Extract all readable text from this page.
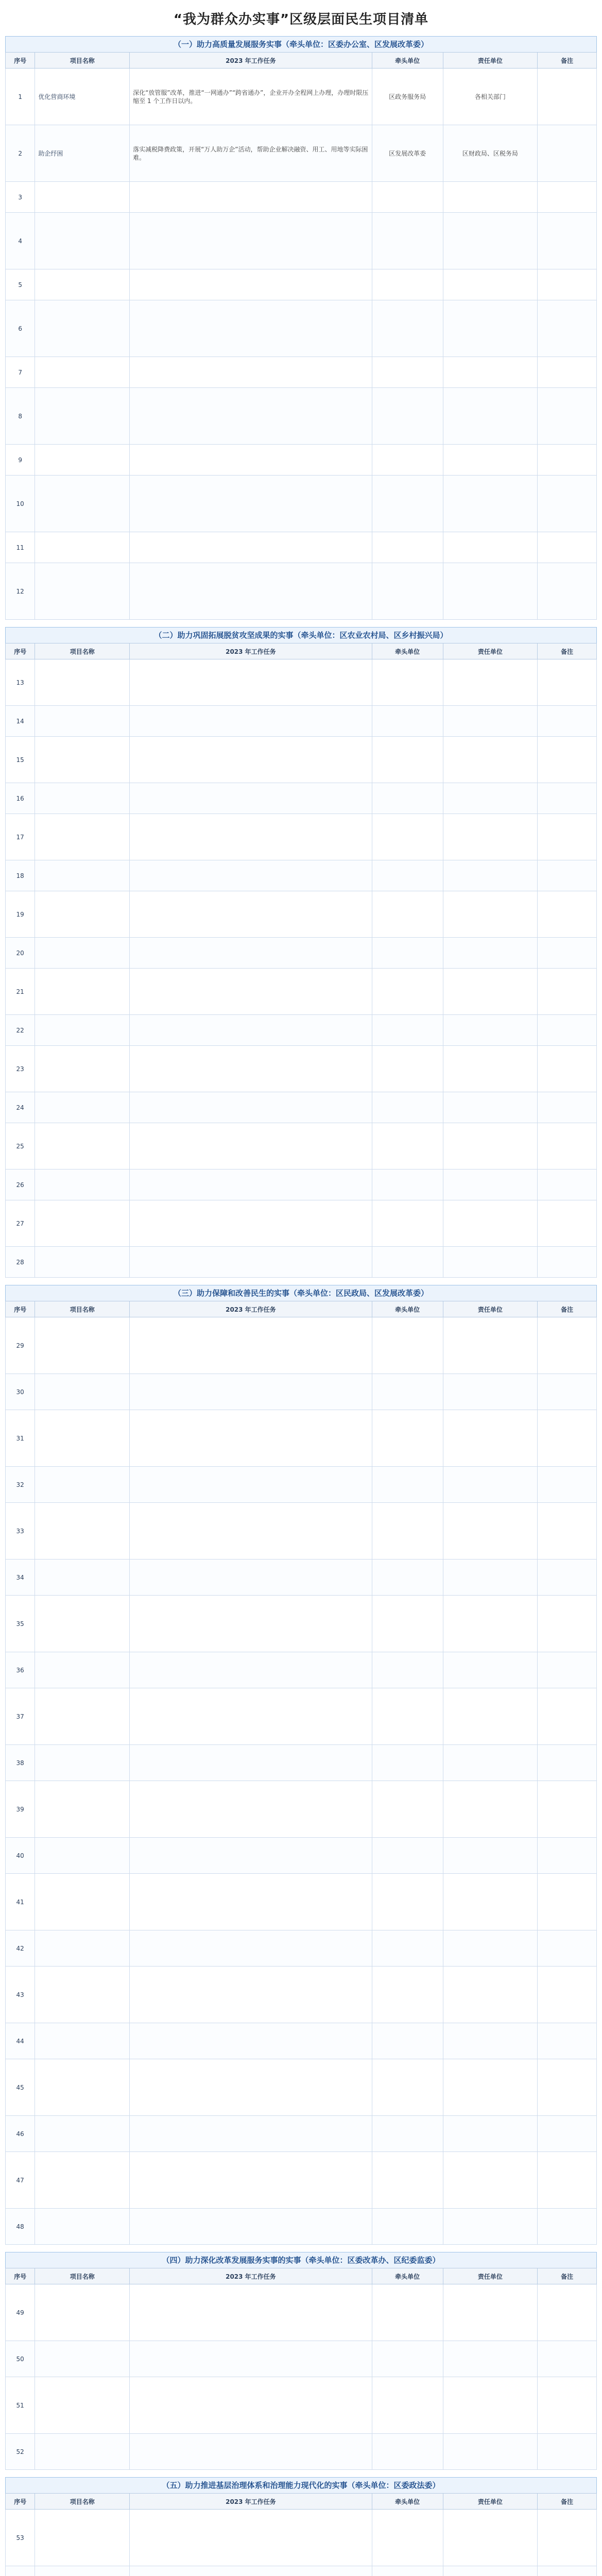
“我为群众办实事”区级层面民生项目清单
（一）助力高质量发展服务实事（牵头单位：区委办公室、区发展改革委）
序号	项目名称	2023 年工作任务	牵头单位	责任单位	备注
1	优化营商环境	深化“放管服”改革，推进“一网通办”“跨省通办”，企业开办全程网上办理，办理时限压缩至 1 个工作日以内。	区政务服务局	各相关部门	
2	助企纾困	落实减税降费政策，开展“万人助万企”活动，帮助企业解决融资、用工、用地等实际困难。	区发展改革委	区财政局、区税务局	
3					
4					
5					
6					
7					
8					
9					
10					
11					
12					
（二）助力巩固拓展脱贫攻坚成果的实事（牵头单位：区农业农村局、区乡村振兴局）
序号	项目名称	2023 年工作任务	牵头单位	责任单位	备注
13					
14					
15					
16					
17					
18					
19					
20					
21					
22					
23					
24					
25					
26					
27					
28					
（三）助力保障和改善民生的实事（牵头单位：区民政局、区发展改革委）
序号	项目名称	2023 年工作任务	牵头单位	责任单位	备注
29					
30					
31					
32					
33					
34					
35					
36					
37					
38					
39					
40					
41					
42					
43					
44					
45					
46					
47					
48					
（四）助力深化改革发展服务实事的实事（牵头单位：区委改革办、区纪委监委）
序号	项目名称	2023 年工作任务	牵头单位	责任单位	备注
49					
50					
51					
52					
（五）助力推进基层治理体系和治理能力现代化的实事（牵头单位：区委政法委）
序号	项目名称	2023 年工作任务	牵头单位	责任单位	备注
53					
